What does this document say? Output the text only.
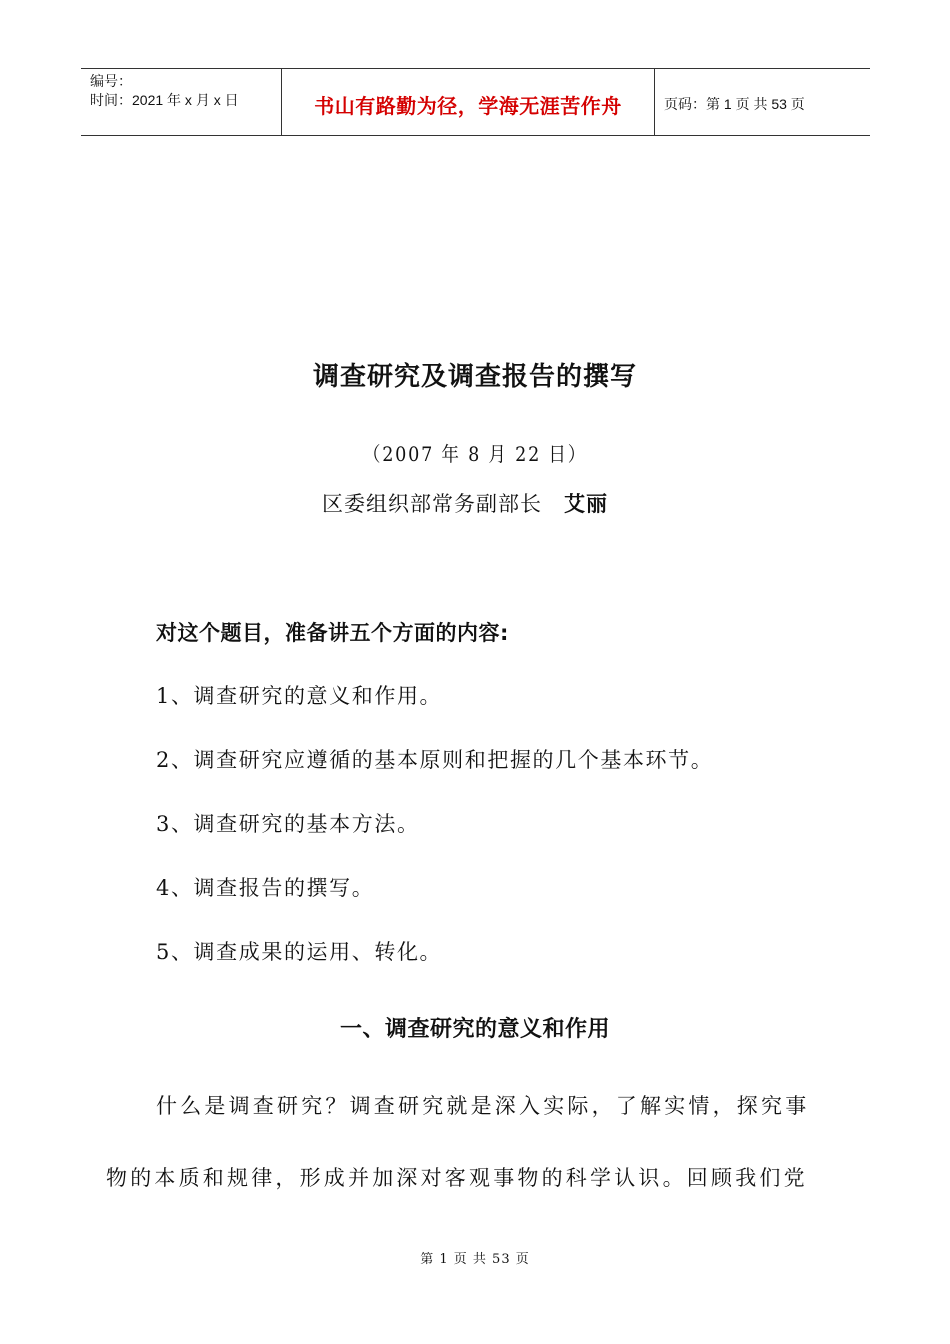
编号：
时间：2021 年 x 月 x 日	书山有路勤为径，学海无涯苦作舟	页码：第 1 页 共 53 页
调查研究及调查报告的撰写
（2007 年 8 月 22 日）
区委组织部常务副部长 艾丽
对这个题目，准备讲五个方面的内容:
1、调查研究的意义和作用。
2、调查研究应遵循的基本原则和把握的几个基本环节。
3、调查研究的基本方法。
4、调查报告的撰写。
5、调查成果的运用、转化。
一、调查研究的意义和作用
什么是调查研究？调查研究就是深入实际，了解实情，探究事
物的本质和规律，形成并加深对客观事物的科学认识。回顾我们党
第 1 页 共 53 页
